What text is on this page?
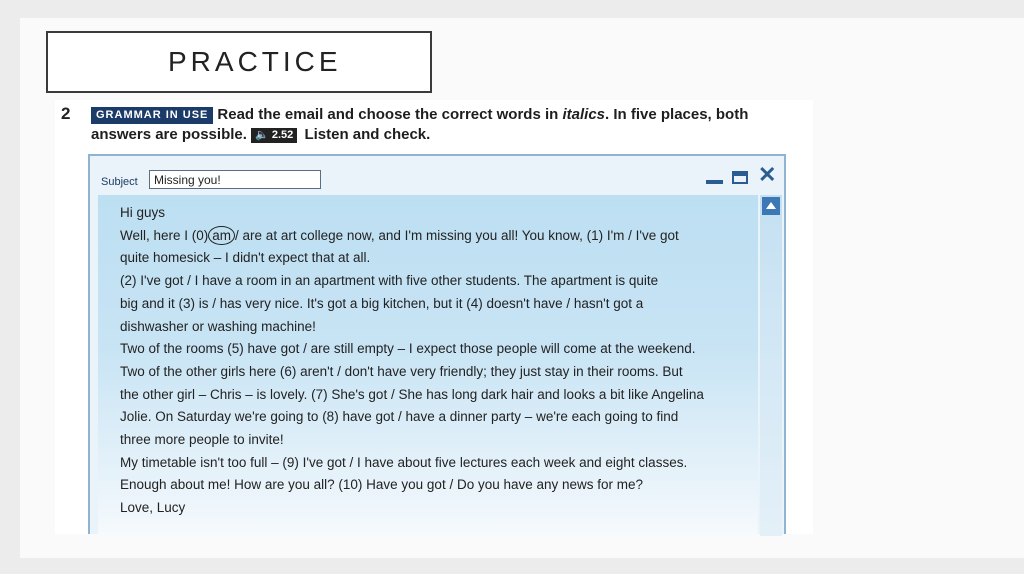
PRACTICE
2	GRAMMAR IN USE Read the email and choose the correct words in italics. In five places, both
answers are possible. 🔈 2.52 Listen and check.
Subject	Missing you!	✕
Hi guys
Well, here I (0) am / are at art college now, and I'm missing you all! You know, (1) I'm / I've got
quite homesick – I didn't expect that at all.
(2) I've got / I have a room in an apartment with five other students. The apartment is quite
big and it (3) is / has very nice. It's got a big kitchen, but it (4) doesn't have / hasn't got a
dishwasher or washing machine!
Two of the rooms (5) have got / are still empty – I expect those people will come at the weekend.
Two of the other girls here (6) aren't / don't have very friendly; they just stay in their rooms. But
the other girl – Chris – is lovely. (7) She's got / She has long dark hair and looks a bit like Angelina
Jolie. On Saturday we're going to (8) have got / have a dinner party – we're each going to find
three more people to invite!
My timetable isn't too full – (9) I've got / I have about five lectures each week and eight classes.
Enough about me! How are you all? (10) Have you got / Do you have any news for me?
Love, Lucy
